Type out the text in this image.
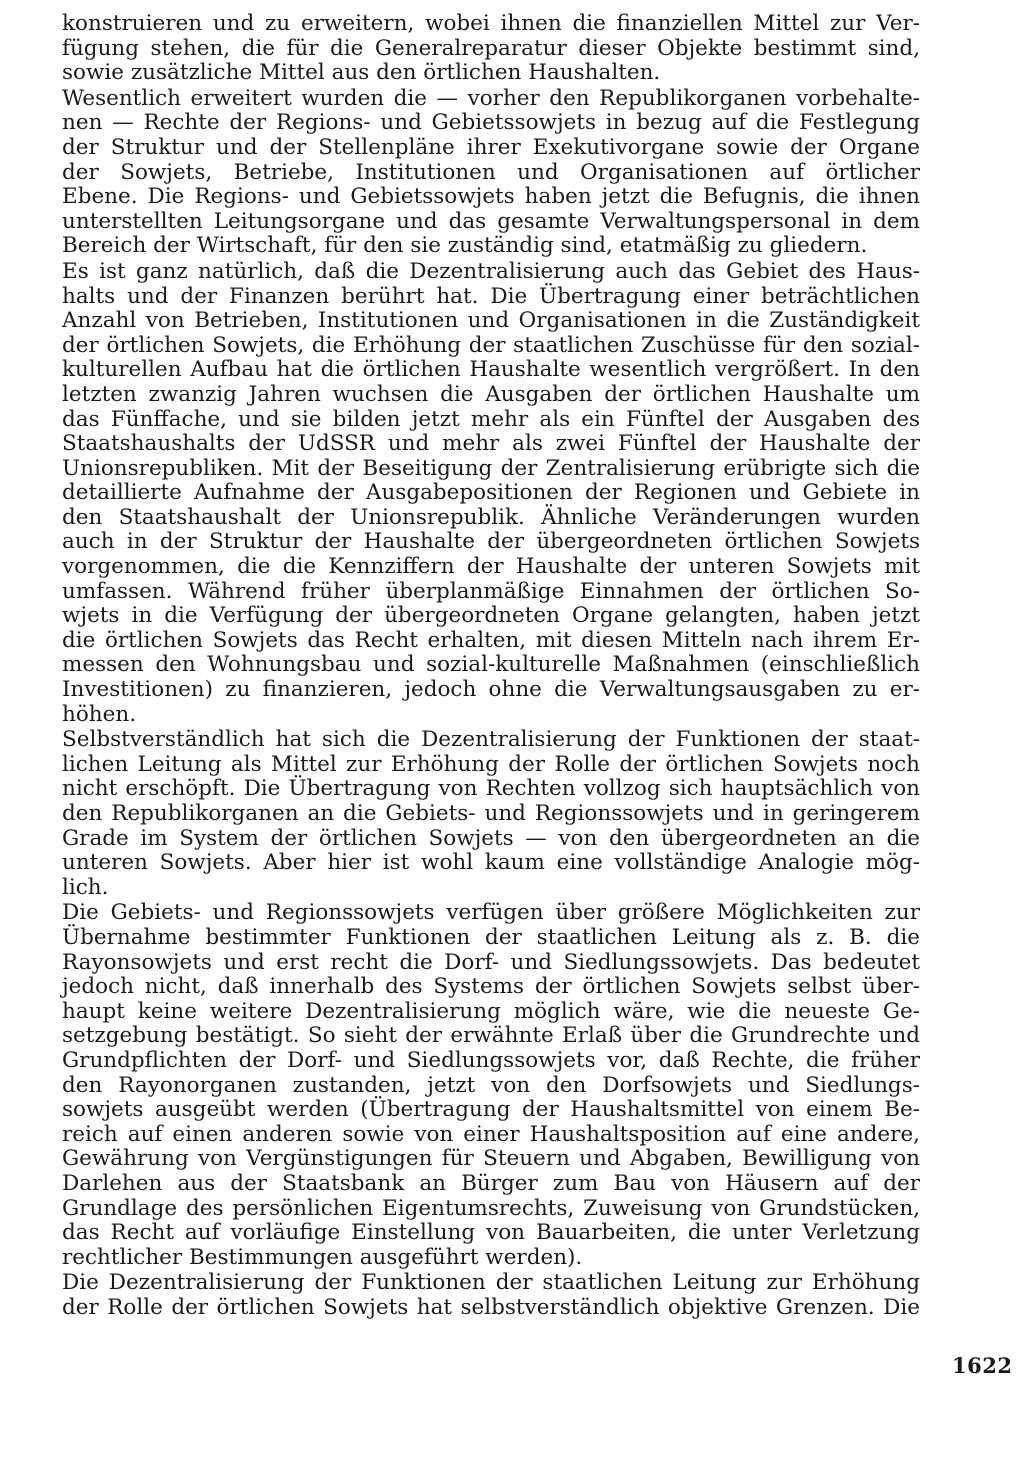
konstruieren und zu erweitern, wobei ihnen die finanziellen Mittel zur Ver-
fügung stehen, die für die Generalreparatur dieser Objekte bestimmt sind,
sowie zusätzliche Mittel aus den örtlichen Haushalten.
Wesentlich erweitert wurden die — vorher den Republikorganen vorbehalte-
nen — Rechte der Regions- und Gebietssowjets in bezug auf die Festlegung
der Struktur und der Stellenpläne ihrer Exekutivorgane sowie der Organe
der Sowjets, Betriebe, Institutionen und Organisationen auf örtlicher
Ebene. Die Regions- und Gebietssowjets haben jetzt die Befugnis, die ihnen
unterstellten Leitungsorgane und das gesamte Verwaltungspersonal in dem
Bereich der Wirtschaft, für den sie zuständig sind, etatmäßig zu gliedern.
Es ist ganz natürlich, daß die Dezentralisierung auch das Gebiet des Haus-
halts und der Finanzen berührt hat. Die Übertragung einer beträchtlichen
Anzahl von Betrieben, Institutionen und Organisationen in die Zuständigkeit
der örtlichen Sowjets, die Erhöhung der staatlichen Zuschüsse für den sozial-
kulturellen Aufbau hat die örtlichen Haushalte wesentlich vergrößert. In den
letzten zwanzig Jahren wuchsen die Ausgaben der örtlichen Haushalte um
das Fünffache, und sie bilden jetzt mehr als ein Fünftel der Ausgaben des
Staatshaushalts der UdSSR und mehr als zwei Fünftel der Haushalte der
Unionsrepubliken. Mit der Beseitigung der Zentralisierung erübrigte sich die
detaillierte Aufnahme der Ausgabepositionen der Regionen und Gebiete in
den Staatshaushalt der Unionsrepublik. Ähnliche Veränderungen wurden
auch in der Struktur der Haushalte der übergeordneten örtlichen Sowjets
vorgenommen, die die Kennziffern der Haushalte der unteren Sowjets mit
umfassen. Während früher überplanmäßige Einnahmen der örtlichen So-
wjets in die Verfügung der übergeordneten Organe gelangten, haben jetzt
die örtlichen Sowjets das Recht erhalten, mit diesen Mitteln nach ihrem Er-
messen den Wohnungsbau und sozial-kulturelle Maßnahmen (einschließlich
Investitionen) zu finanzieren, jedoch ohne die Verwaltungsausgaben zu er-
höhen.
Selbstverständlich hat sich die Dezentralisierung der Funktionen der staat-
lichen Leitung als Mittel zur Erhöhung der Rolle der örtlichen Sowjets noch
nicht erschöpft. Die Übertragung von Rechten vollzog sich hauptsächlich von
den Republikorganen an die Gebiets- und Regionssowjets und in geringerem
Grade im System der örtlichen Sowjets — von den übergeordneten an die
unteren Sowjets. Aber hier ist wohl kaum eine vollständige Analogie mög-
lich.
Die Gebiets- und Regionssowjets verfügen über größere Möglichkeiten zur
Übernahme bestimmter Funktionen der staatlichen Leitung als z. B. die
Rayonsowjets und erst recht die Dorf- und Siedlungssowjets. Das bedeutet
jedoch nicht, daß innerhalb des Systems der örtlichen Sowjets selbst über-
haupt keine weitere Dezentralisierung möglich wäre, wie die neueste Ge-
setzgebung bestätigt. So sieht der erwähnte Erlaß über die Grundrechte und
Grundpflichten der Dorf- und Siedlungssowjets vor, daß Rechte, die früher
den Rayonorganen zustanden, jetzt von den Dorfsowjets und Siedlungs-
sowjets ausgeübt werden (Übertragung der Haushaltsmittel von einem Be-
reich auf einen anderen sowie von einer Haushaltsposition auf eine andere,
Gewährung von Vergünstigungen für Steuern und Abgaben, Bewilligung von
Darlehen aus der Staatsbank an Bürger zum Bau von Häusern auf der
Grundlage des persönlichen Eigentumsrechts, Zuweisung von Grundstücken,
das Recht auf vorläufige Einstellung von Bauarbeiten, die unter Verletzung
rechtlicher Bestimmungen ausgeführt werden).
Die Dezentralisierung der Funktionen der staatlichen Leitung zur Erhöhung
der Rolle der örtlichen Sowjets hat selbstverständlich objektive Grenzen. Die
1622
